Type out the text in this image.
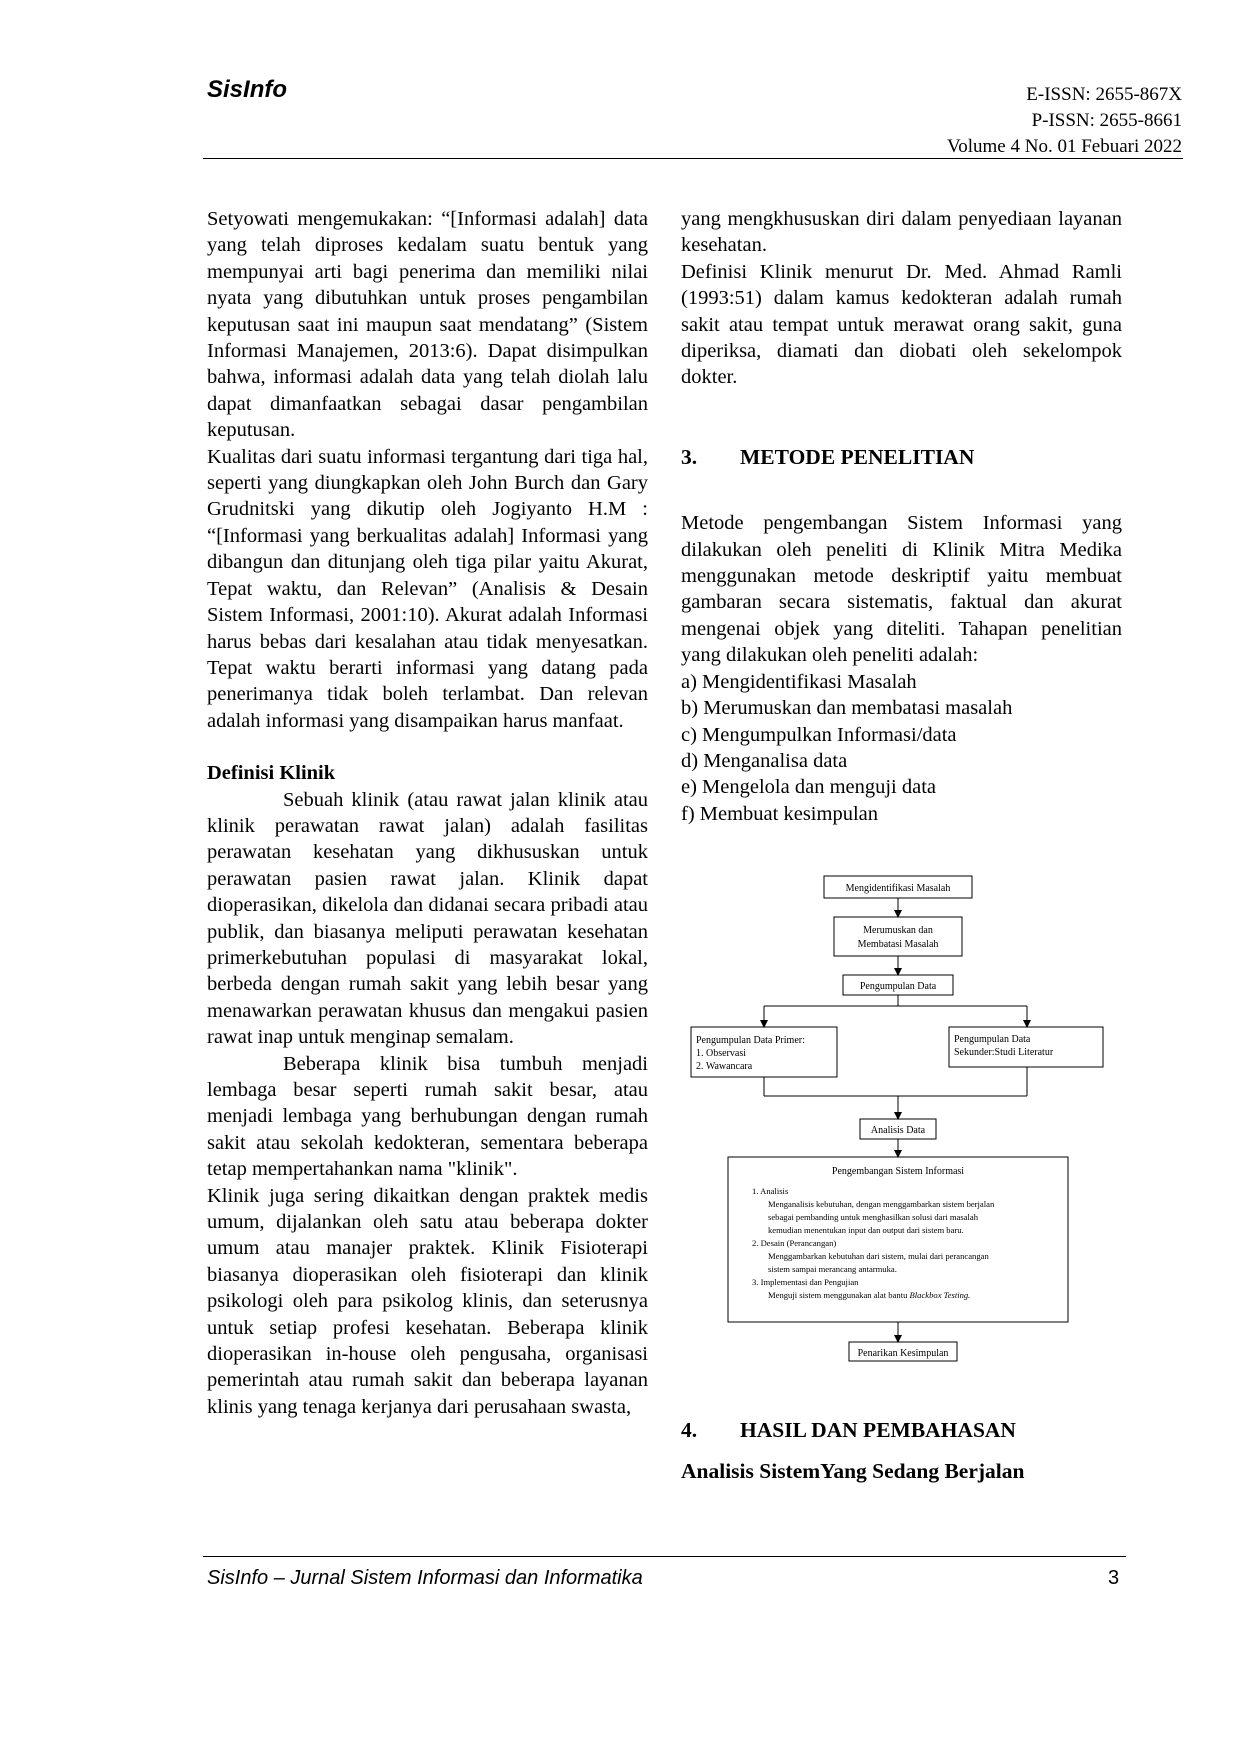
SisInfo	E-ISSN: 2655-867X
P-ISSN: 2655-8661
Volume 4 No. 01 Febuari 2022

Setyowati mengemukakan: “[Informasi adalah] data yang telah diproses kedalam suatu bentuk yang mempunyai arti bagi penerima dan memiliki nilai nyata yang dibutuhkan untuk proses pengambilan keputusan saat ini maupun saat mendatang” (Sistem Informasi Manajemen, 2013:6). Dapat disimpulkan bahwa, informasi adalah data yang telah diolah lalu dapat dimanfaatkan sebagai dasar pengambilan keputusan.

Kualitas dari suatu informasi tergantung dari tiga hal, seperti yang diungkapkan oleh John Burch dan Gary Grudnitski yang dikutip oleh Jogiyanto H.M : “[Informasi yang berkualitas adalah] Informasi yang dibangun dan ditunjang oleh tiga pilar yaitu Akurat, Tepat waktu, dan Relevan” (Analisis & Desain Sistem Informasi, 2001:10). Akurat adalah Informasi harus bebas dari kesalahan atau tidak menyesatkan. Tepat waktu berarti informasi yang datang pada penerimanya tidak boleh terlambat. Dan relevan adalah informasi yang disampaikan harus manfaat.

Definisi Klinik

Sebuah klinik (atau rawat jalan klinik atau klinik perawatan rawat jalan) adalah fasilitas perawatan kesehatan yang dikhususkan untuk perawatan pasien rawat jalan. Klinik dapat dioperasikan, dikelola dan didanai secara pribadi atau publik, dan biasanya meliputi perawatan kesehatan primerkebutuhan populasi di masyarakat lokal, berbeda dengan rumah sakit yang lebih besar yang menawarkan perawatan khusus dan mengakui pasien rawat inap untuk menginap semalam.

Beberapa klinik bisa tumbuh menjadi lembaga besar seperti rumah sakit besar, atau menjadi lembaga yang berhubungan dengan rumah sakit atau sekolah kedokteran, sementara beberapa tetap mempertahankan nama "klinik".

Klinik juga sering dikaitkan dengan praktek medis umum, dijalankan oleh satu atau beberapa dokter umum atau manajer praktek. Klinik Fisioterapi biasanya dioperasikan oleh fisioterapi dan klinik psikologi oleh para psikolog klinis, dan seterusnya untuk setiap profesi kesehatan. Beberapa klinik dioperasikan in-house oleh pengusaha, organisasi pemerintah atau rumah sakit dan beberapa layanan klinis yang tenaga kerjanya dari perusahaan swasta,

yang mengkhususkan diri dalam penyediaan layanan kesehatan.

Definisi Klinik menurut Dr. Med. Ahmad Ramli (1993:51) dalam kamus kedokteran adalah rumah sakit atau tempat untuk merawat orang sakit, guna diperiksa, diamati dan diobati oleh sekelompok dokter.

3.	METODE PENELITIAN

Metode pengembangan Sistem Informasi yang dilakukan oleh peneliti di Klinik Mitra Medika menggunakan metode deskriptif yaitu membuat gambaran secara sistematis, faktual dan akurat mengenai objek yang diteliti. Tahapan penelitian yang dilakukan oleh peneliti adalah:

a) Mengidentifikasi Masalah
b) Merumuskan dan membatasi masalah
c) Mengumpulkan Informasi/data
d) Menganalisa data
e) Mengelola dan menguji data
f) Membuat kesimpulan
4.	HASIL DAN PEMBAHASAN

Analisis SistemYang Sedang Berjalan

Mengidentifikasi Masalah
Merumuskan dan
Membatasi Masalah
Pengumpulan Data
Pengumpulan Data Primer:
1. Observasi
2. Wawancara
Pengumpulan Data
Sekunder:Studi Literatur
Analisis Data
Pengembangan Sistem Informasi
1. Analisis
Menganalisis kebutuhan, dengan menggambarkan sistem berjalan
sebagai pembanding untuk menghasilkan solusi dari masalah
kemudian menentukan input dan output dari sistem baru.
2. Desain (Perancangan)
Menggambarkan kebutuhan dari sistem, mulai dari perancangan
sistem sampai merancang antarmuka.
3. Implementasi dan Pengujian
Menguji sistem menggunakan alat bantu Blackbox Testing.
Penarikan Kesimpulan
SisInfo – Jurnal Sistem Informasi dan Informatika	3
